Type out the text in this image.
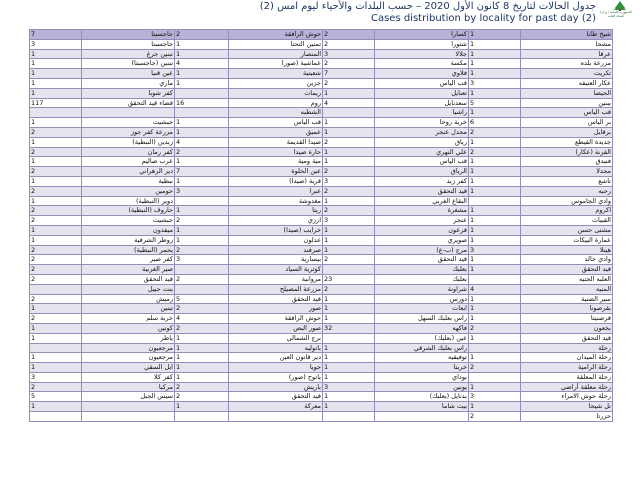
جدول الحالات لتاريخ 8 كانون الأول 2020 – حسب البلدات والأحياء ليوم امس (2)
Cases distribution by locality for past day (2)
الجمهورية اللبنانية / وزارة الصحة العامة
7	جاجسبتا	2	حوش الرافقة	2	كسارا	1	شيخ طابا
3	جاجسبتا	1	تمنين التحتا	2	شتورا	1	مشحا
1	تبنين جرغ	1	المنصار	3	جلالا	1	عرقا
1	تبنين (جاجسبتا)	4	عماشية (صور)	2	مكسة	1	مزرعة بلده
1	عين قنيا	1	شعيتية	7	فلاوي	1	تكريت
1	ماري	1	جزين	2	قب الياس	3	عكار العتيقه
1	كفر شوبا		ريمات	1	تعنايل	1	الحيصا
117	قضاء قيد التحقق	16	روم	4	سعدنايل	5	ببنين
			الشطبه		راشيا	1	قب الياس
1	جبشيت	1	قب الياس	1	خربة روحا	6	بر الياس
2	مزرعة كفر جوز	1	عميق	1	مجدل عنجر	2	برقايل
1	زبدين (النبطية)	4	صيدا القديمة	2	رياق	1	جديدة القيطع
2	كفر رمان	2	حارة صيدا	1	علي النهري	2	القرنة (عكار)
1	عرب صاليم	1	مية ومية	1	قب الياس	1	فنيدق
2	دير الزهراني	7	عين الحلوة	2	الرياق	1	مجدلا
1	نبطية	1	قرية (صيدا)	3	كفر زبد	1	تاشع
2	حومين	3	عبرا	2	قيد التحقق	1	رحبه
1	دوير (النبطية)		مغدوشة	1	البقاع الغربي		وادي الجاموس
2	حاروف (النبطية)	1	ريتا	2	مشغرة	1	اكروم
2	جبشيت	2	ارزي	3	عنجر	1	القبيات
1	ميفدون	1	خرايب (صيدا)	1	قرعون	1	مشتى حسن
1	زوطر الشرقية	1	عدلون	1	صويري	1	عمارة البيكات
2	يحمر (النبطية)	2	صرفند	1	مرج (ب-ع)	3	هيتلا
2	كفر صير	3	بيسارية	2	قيد التحقق	1	وادي خالد
2	صير الغربية		كوثرية السياد		بعلبك	1	قيد التحقق
2	قيد التحقق	2	مروانية	23	بعلبك		العلبه الجنيه
	بنت جبيل		مزرعة المصيلح	2	شراونة	4	المنيه
2	رميش	5	قيد التحقق	1	دورس	1	سير الضنية
1	تبنين	2	صور	1	ايعات	1	بقرصونا
2	خربة سلم	4	حوش الرافقة	1	راس بعلبك السهل	1	قرصنيتا
1	كونين	2	صور البص	32	فاكهه	2	بخعون
1	ياطر	1	برج الشمالي		عين (بعلبك)	1	قيد التحقق
	مرجعيون	1	باتوليه	1	راس بعلبك الشرقي		رحلة
1	مرجعيون	1	دير قانون العين	1	توفيقيه	1	رحلة الميدان
1	ابل السقي	1	جويا	1	خربتا	2	رحلة الرامية
3	كفر كلا	1	ياتوح (صور)	1	بوداي		رحلة المعلقة
2	مركبا	2	باريش	3	يونين	1	رحلة معلقة أراضي
5	سيس الجبل	2	قيد التحقق	1	بدنايل (بعلبك)	3	رحلة حوش الامراء
1		1	معركة	1	بيت شاما	1	تل شيحا
						2	حزرتا
